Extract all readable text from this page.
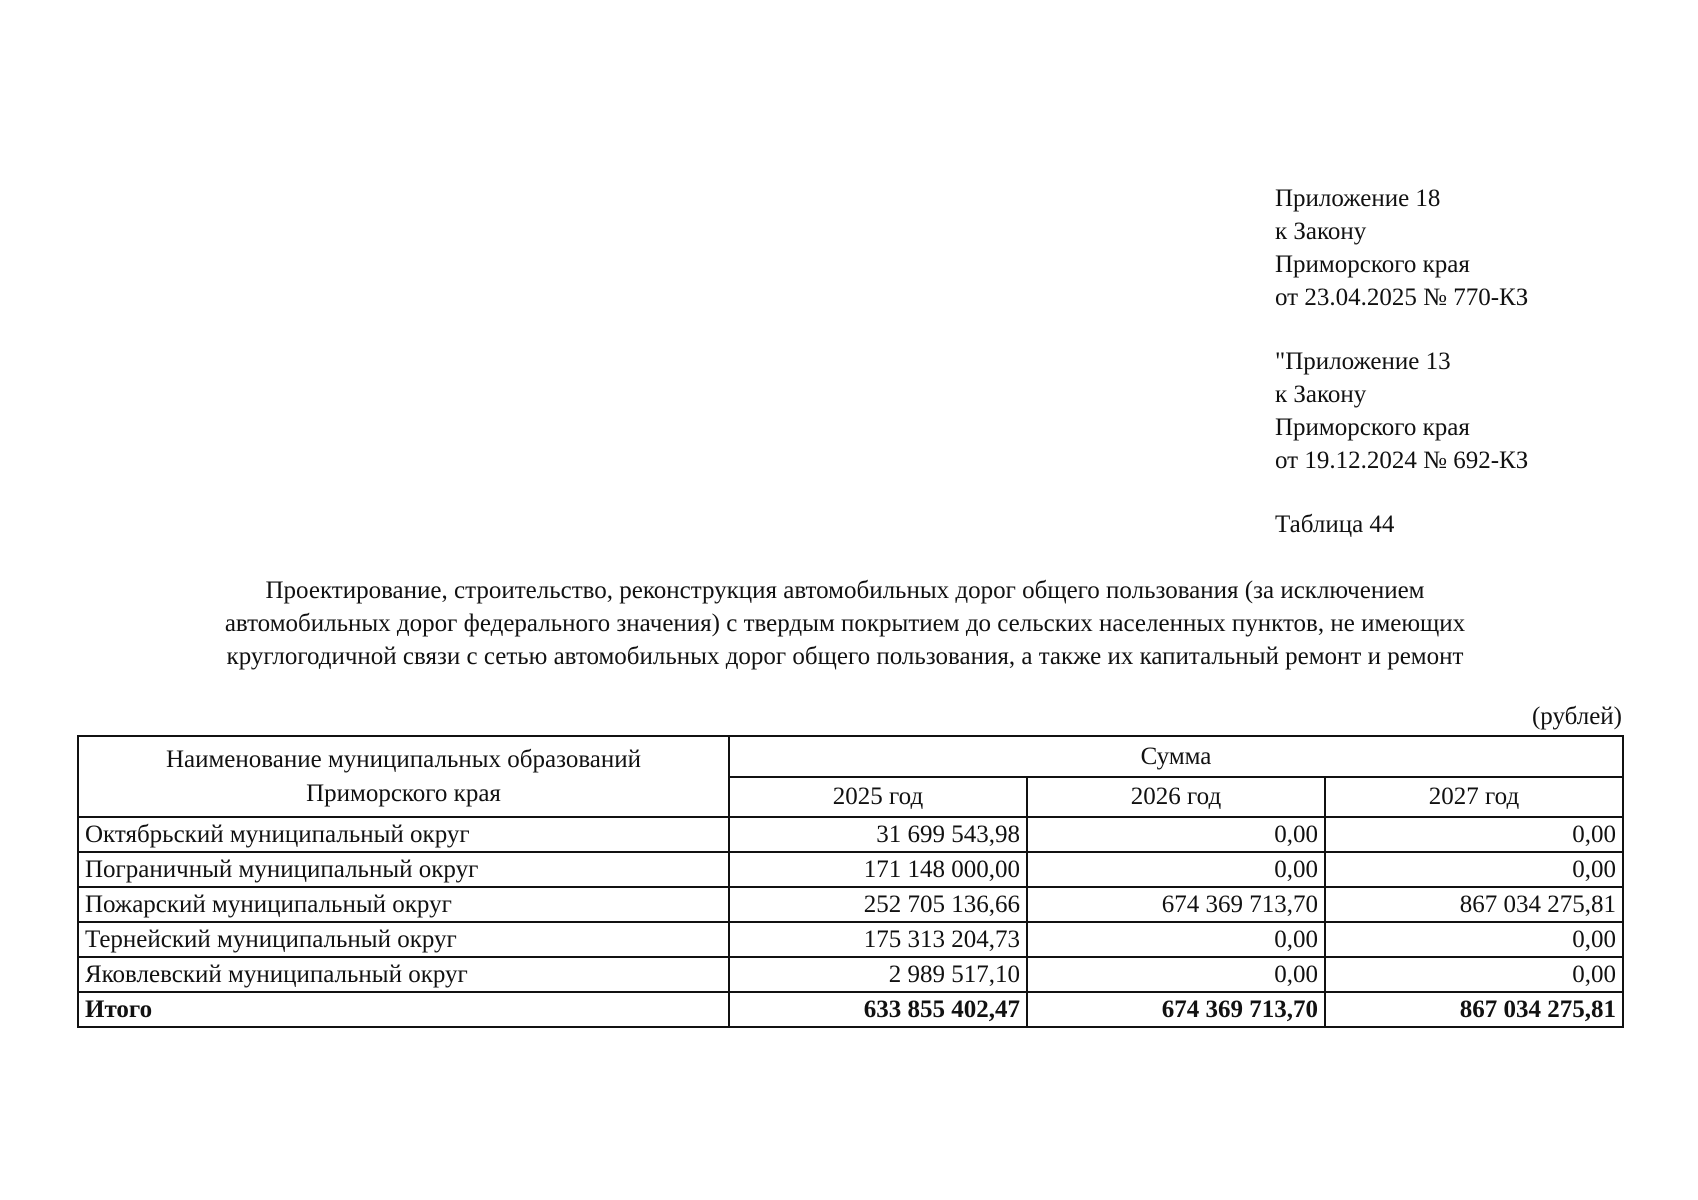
Приложение 18
к Закону
Приморского края
от 23.04.2025 № 770-КЗ
"Приложение 13
к Закону
Приморского края
от 19.12.2024 № 692-КЗ
Таблица 44
Проектирование, строительство, реконструкция автомобильных дорог общего пользования (за исключением
автомобильных дорог федерального значения) с твердым покрытием до сельских населенных пунктов, не имеющих
круглогодичной связи с сетью автомобильных дорог общего пользования, а также их капитальный ремонт и ремонт
(рублей)
Наименование муниципальных образований
Приморского края	Сумма		
	2025 год	2026 год	2027 год
Октябрьский муниципальный округ	31 699 543,98	0,00	0,00
Пограничный муниципальный округ	171 148 000,00	0,00	0,00
Пожарский муниципальный округ	252 705 136,66	674 369 713,70	867 034 275,81
Тернейский муниципальный округ	175 313 204,73	0,00	0,00
Яковлевский муниципальный округ	2 989 517,10	0,00	0,00
Итого	633 855 402,47	674 369 713,70	867 034 275,81
